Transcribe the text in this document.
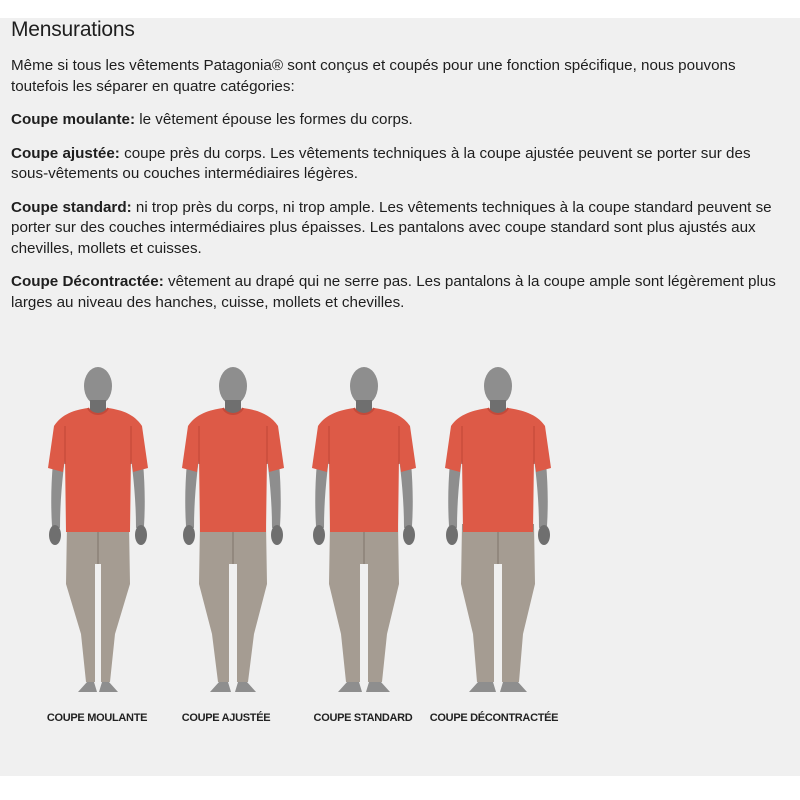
Mensurations

Même si tous les vêtements Patagonia® sont conçus et coupés pour une fonction spécifique, nous pouvons toutefois les séparer en quatre catégories:

Coupe moulante: le vêtement épouse les formes du corps.

Coupe ajustée: coupe près du corps. Les vêtements techniques à la coupe ajustée peuvent se porter sur des sous-vêtements ou couches intermédiaires légères.

Coupe standard: ni trop près du corps, ni trop ample. Les vêtements techniques à la coupe standard peuvent se porter sur des couches intermédiaires plus épaisses. Les pantalons avec coupe standard sont plus ajustés aux chevilles, mollets et cuisses.

Coupe Décontractée: vêtement au drapé qui ne serre pas. Les pantalons à la coupe ample sont légèrement plus larges au niveau des hanches, cuisse, mollets et chevilles.

COUPE MOULANTE	COUPE AJUSTÉE	COUPE STANDARD COUPE DÉCONTRACTÉE
